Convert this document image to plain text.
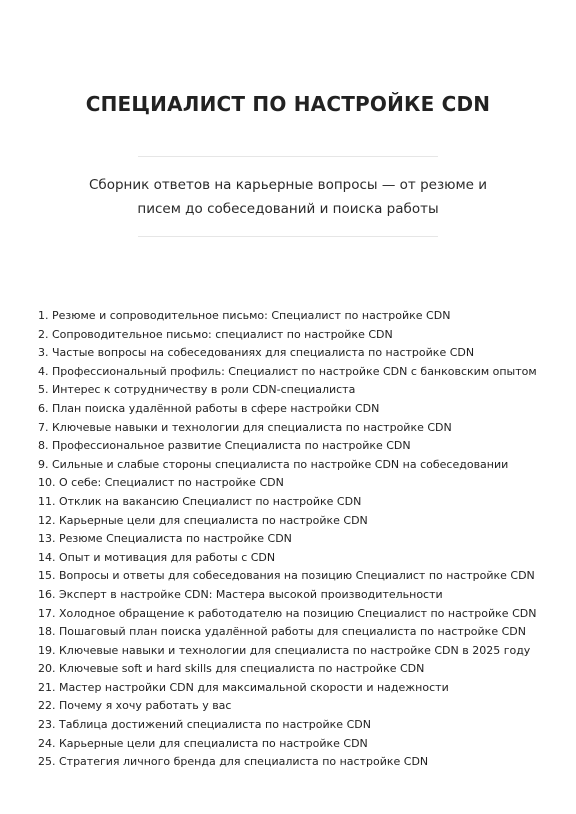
СПЕЦИАЛИСТ ПО НАСТРОЙКЕ CDN

Сборник ответов на карьерные вопросы — от резюме и писем до собеседований и поиска работы

1. Резюме и сопроводительное письмо: Специалист по настройке CDN
2. Сопроводительное письмо: специалист по настройке CDN
3. Частые вопросы на собеседованиях для специалиста по настройке CDN
4. Профессиональный профиль: Специалист по настройке CDN с банковским опытом
5. Интерес к сотрудничеству в роли CDN-специалиста
6. План поиска удалённой работы в сфере настройки CDN
7. Ключевые навыки и технологии для специалиста по настройке CDN
8. Профессиональное развитие Специалиста по настройке CDN
9. Сильные и слабые стороны специалиста по настройке CDN на собеседовании
10. О себе: Специалист по настройке CDN
11. Отклик на вакансию Специалист по настройке CDN
12. Карьерные цели для специалиста по настройке CDN
13. Резюме Специалиста по настройке CDN
14. Опыт и мотивация для работы с CDN
15. Вопросы и ответы для собеседования на позицию Специалист по настройке CDN
16. Эксперт в настройке CDN: Мастера высокой производительности
17. Холодное обращение к работодателю на позицию Специалист по настройке CDN
18. Пошаговый план поиска удалённой работы для специалиста по настройке CDN
19. Ключевые навыки и технологии для специалиста по настройке CDN в 2025 году
20. Ключевые soft и hard skills для специалиста по настройке CDN
21. Мастер настройки CDN для максимальной скорости и надежности
22. Почему я хочу работать у вас
23. Таблица достижений специалиста по настройке CDN
24. Карьерные цели для специалиста по настройке CDN
25. Стратегия личного бренда для специалиста по настройке CDN
